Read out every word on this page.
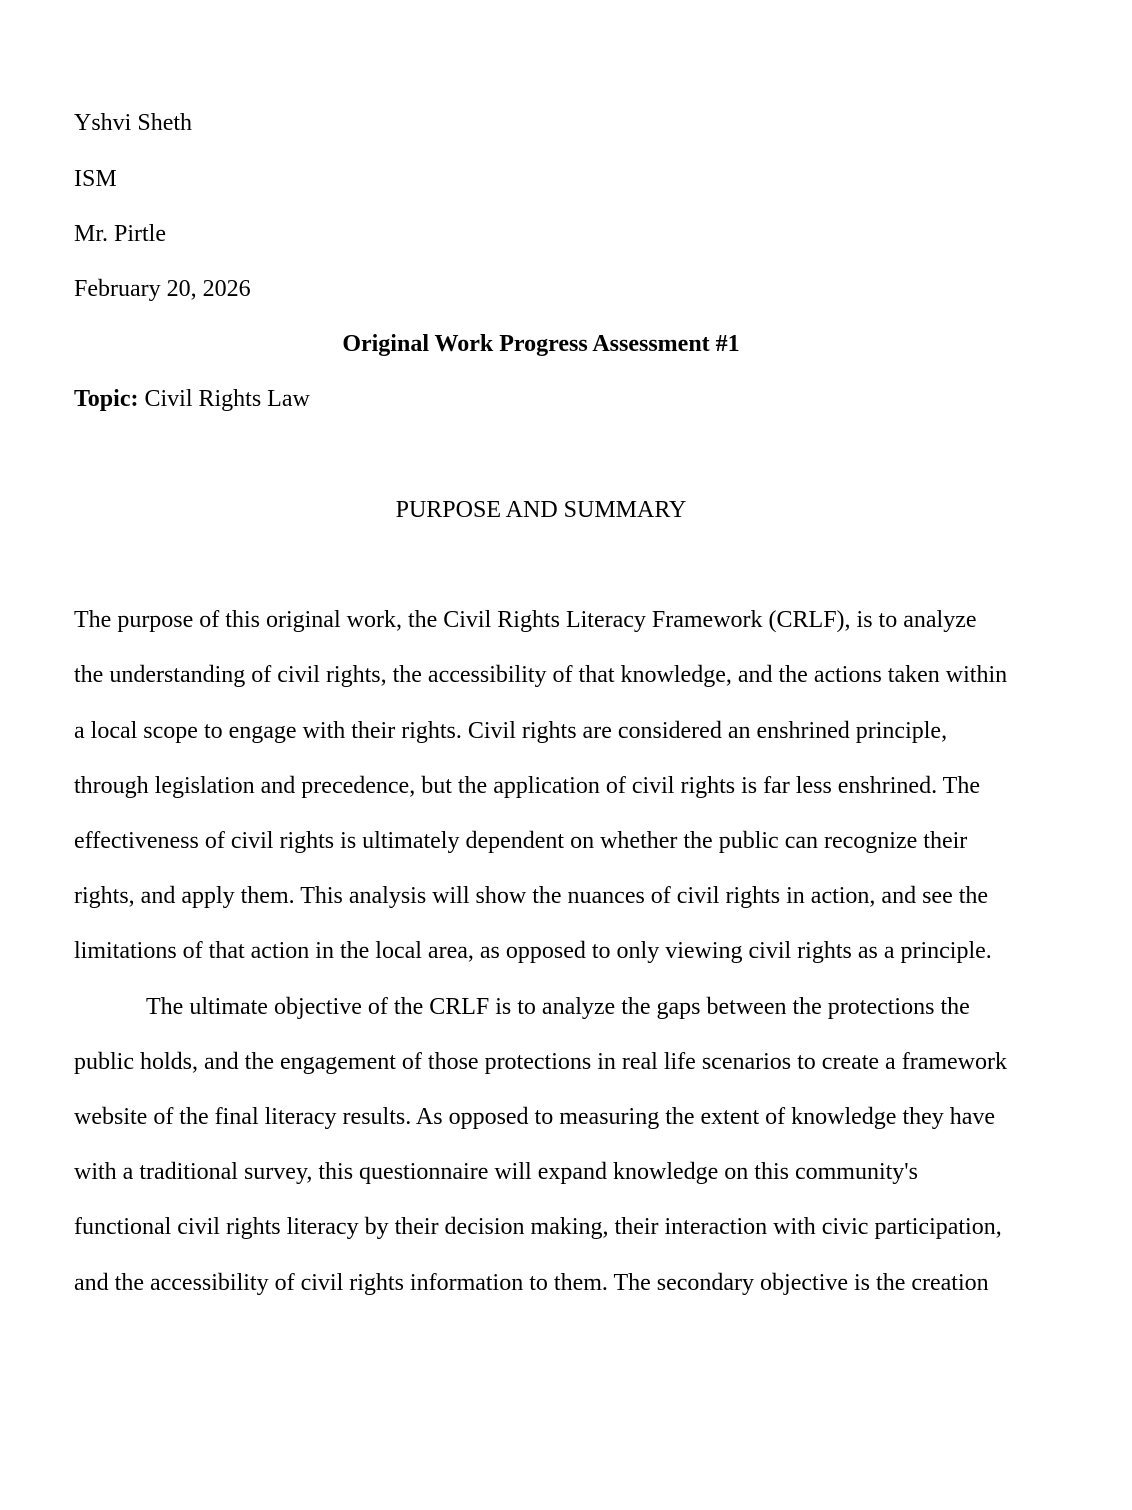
Yshvi Sheth
ISM
Mr. Pirtle
February 20, 2026
Original Work Progress Assessment #1
Topic: Civil Rights Law
PURPOSE AND SUMMARY
The purpose of this original work, the Civil Rights Literacy Framework (CRLF), is to analyze
the understanding of civil rights, the accessibility of that knowledge, and the actions taken within
a local scope to engage with their rights. Civil rights are considered an enshrined principle,
through legislation and precedence, but the application of civil rights is far less enshrined. The
effectiveness of civil rights is ultimately dependent on whether the public can recognize their
rights, and apply them. This analysis will show the nuances of civil rights in action, and see the
limitations of that action in the local area, as opposed to only viewing civil rights as a principle.
The ultimate objective of the CRLF is to analyze the gaps between the protections the
public holds, and the engagement of those protections in real life scenarios to create a framework
website of the final literacy results. As opposed to measuring the extent of knowledge they have
with a traditional survey, this questionnaire will expand knowledge on this community's
functional civil rights literacy by their decision making, their interaction with civic participation,
and the accessibility of civil rights information to them. The secondary objective is the creation
